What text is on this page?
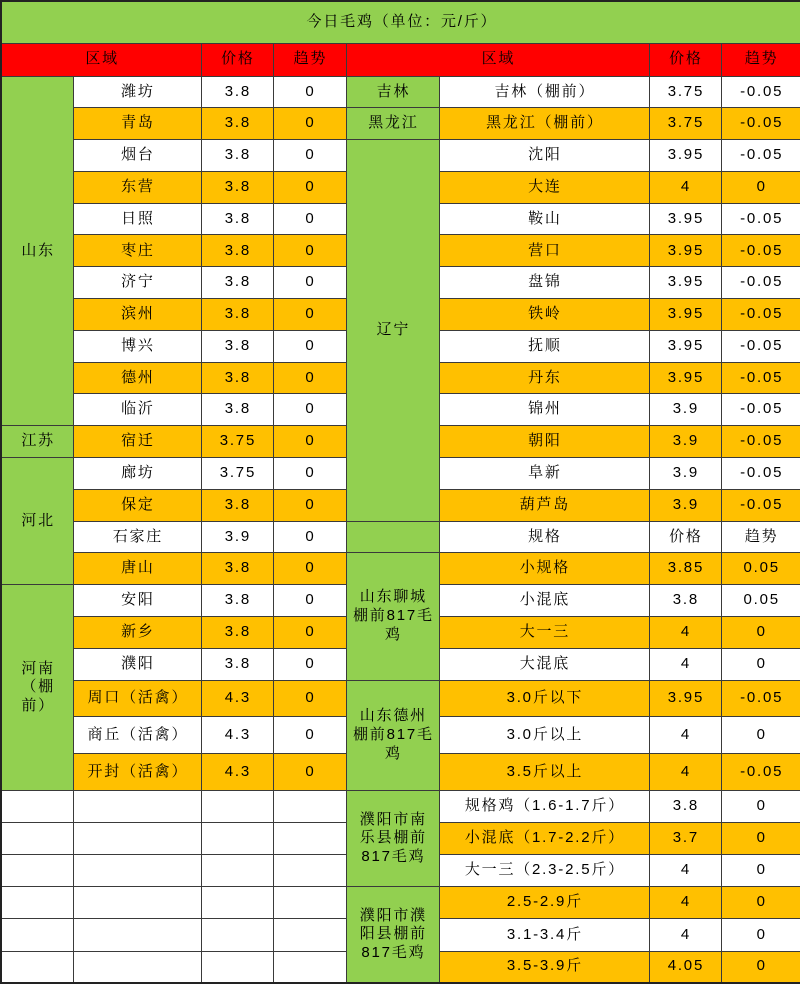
今日毛鸡（单位：元/斤）							
区域		价格	趋势	区域		价格	趋势
山东	潍坊	3.8	0	吉林	吉林（棚前）	3.75	-0.05
	青岛	3.8	0	黑龙江	黑龙江（棚前）	3.75	-0.05
	烟台	3.8	0	辽宁	沈阳	3.95	-0.05
	东营	3.8	0		大连	4	0
	日照	3.8	0		鞍山	3.95	-0.05
	枣庄	3.8	0		营口	3.95	-0.05
	济宁	3.8	0		盘锦	3.95	-0.05
	滨州	3.8	0		铁岭	3.95	-0.05
	博兴	3.8	0		抚顺	3.95	-0.05
	德州	3.8	0		丹东	3.95	-0.05
	临沂	3.8	0		锦州	3.9	-0.05
江苏	宿迁	3.75	0		朝阳	3.9	-0.05
河北	廊坊	3.75	0		阜新	3.9	-0.05
	保定	3.8	0		葫芦岛	3.9	-0.05
	石家庄	3.9	0		规格	价格	趋势
	唐山	3.8	0	山东聊城棚前817毛鸡	小规格	3.85	0.05
河南（棚前）	安阳	3.8	0		小混底	3.8	0.05
	新乡	3.8	0		大一三	4	0
	濮阳	3.8	0		大混底	4	0
	周口（活禽）	4.3	0	山东德州棚前817毛鸡	3.0斤以下	3.95	-0.05
	商丘（活禽）	4.3	0		3.0斤以上	4	0
	开封（活禽）	4.3	0		3.5斤以上	4	-0.05
				濮阳市南乐县棚前817毛鸡	规格鸡（1.6-1.7斤）	3.8	0
					小混底（1.7-2.2斤）	3.7	0
					大一三（2.3-2.5斤）	4	0
				濮阳市濮阳县棚前817毛鸡	2.5-2.9斤	4	0
					3.1-3.4斤	4	0
					3.5-3.9斤	4.05	0
